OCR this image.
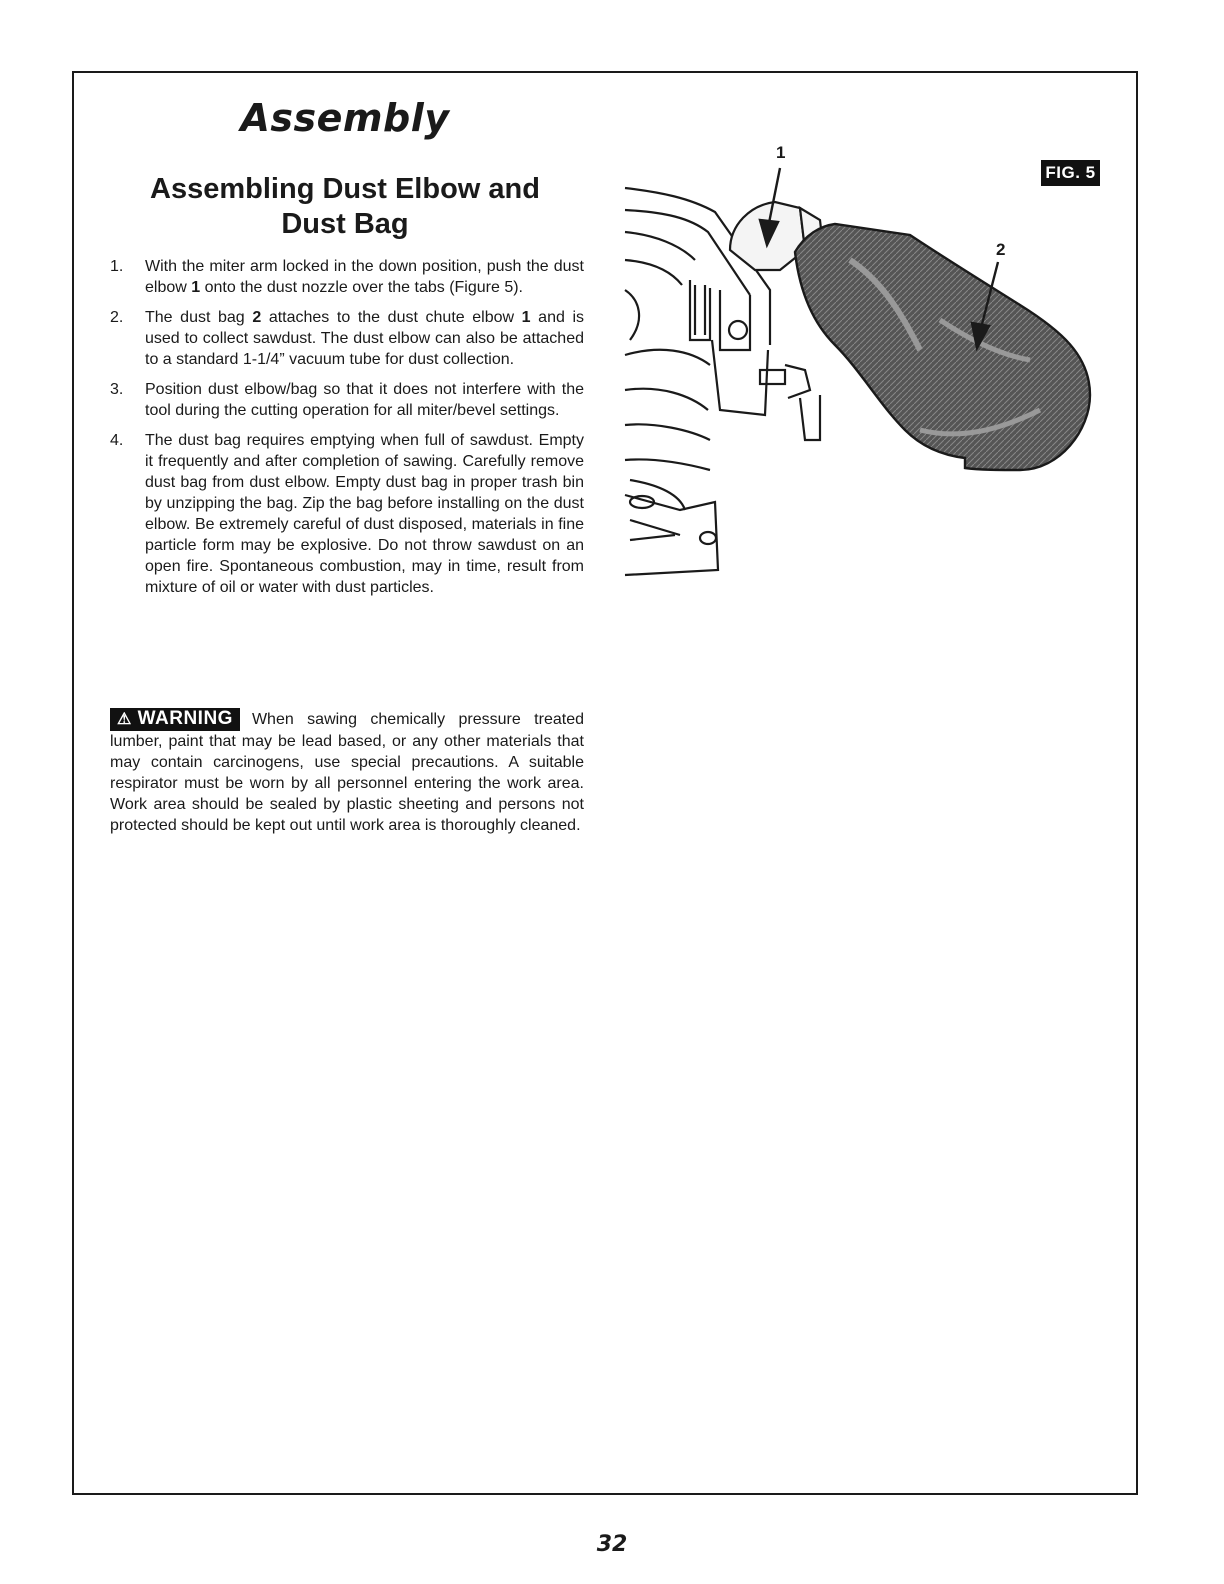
Assembly
Assembling Dust Elbow and
Dust Bag
1.	With the miter arm locked in the down position, push the dust elbow 1 onto the dust nozzle over the tabs (Figure 5).
2.	The dust bag 2 attaches to the dust chute elbow 1 and is used to collect sawdust. The dust elbow can also be attached to a standard 1-1/4” vacuum tube for dust collection.
3.	Position dust elbow/bag so that it does not interfere with the tool during the cutting operation for all miter/bevel settings.
4.	The dust bag requires emptying when full of sawdust. Empty it frequently and after completion of sawing. Carefully remove dust bag from dust elbow. Empty dust bag in proper trash bin by unzipping the bag. Zip the bag before installing on the dust elbow. Be extremely careful of dust disposed, materials in fine particle form may be explosive. Do not throw sawdust on an open fire. Spontaneous combustion, may in time, result from mixture of oil or water with dust particles.
⚠ WARNING When sawing chemically pressure treated lumber, paint that may be lead based, or any other materials that may contain carcinogens, use special precautions. A suitable respirator must be worn by all personnel entering the work area. Work area should be sealed by plastic sheeting and persons not protected should be kept out until work area is thoroughly cleaned.
1
2
FIG. 5
32
